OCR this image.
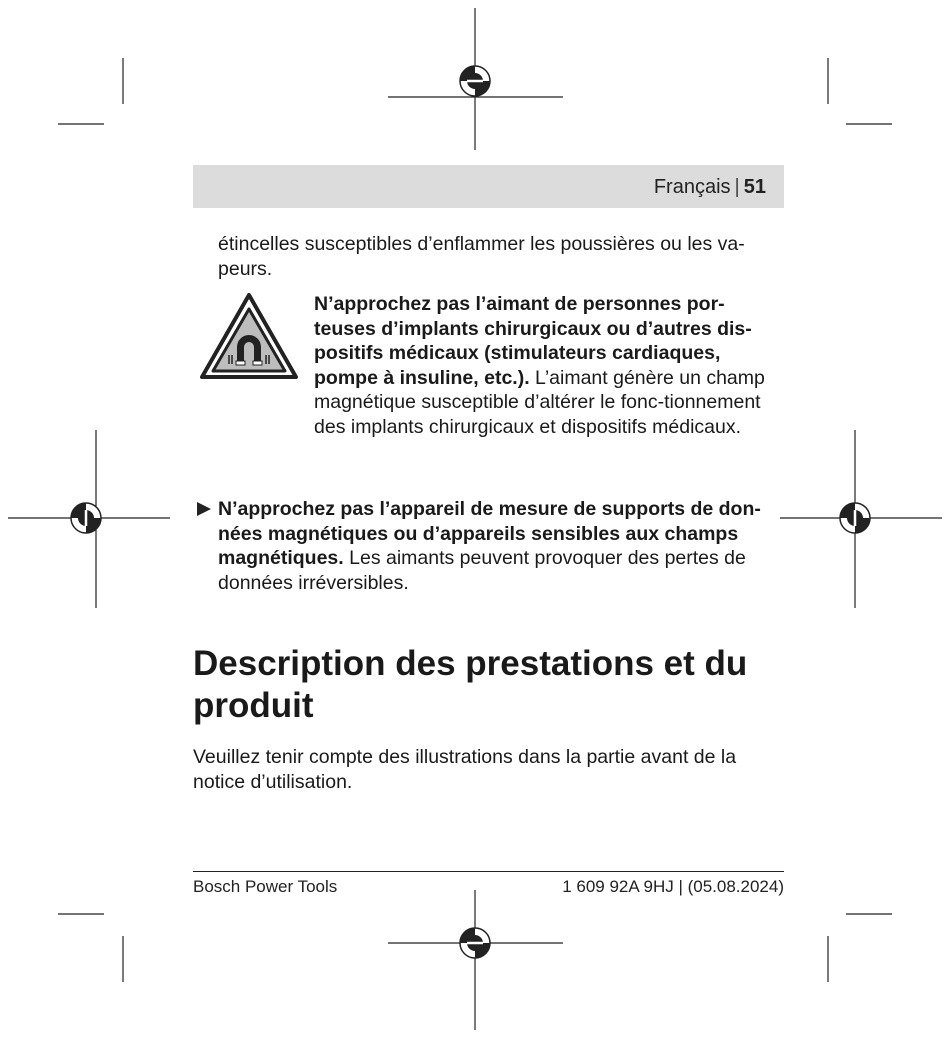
Français | 51
étincelles susceptibles d’enflammer les poussières ou les va-peurs.
N’approchez pas l’aimant de personnes por-teuses d’implants chirurgicaux ou d’autres dis-positifs médicaux (stimulateurs cardiaques, pompe à insuline, etc.). L’aimant génère un champ magnétique susceptible d’altérer le fonc-tionnement des implants chirurgicaux et dispositifs médicaux.
N’approchez pas l’appareil de mesure de supports de don-nées magnétiques ou d’appareils sensibles aux champs magnétiques. Les aimants peuvent provoquer des pertes de données irréversibles.
Description des prestations et du produit
Veuillez tenir compte des illustrations dans la partie avant de la notice d’utilisation.
Bosch Power Tools	1 609 92A 9HJ | (05.08.2024)
